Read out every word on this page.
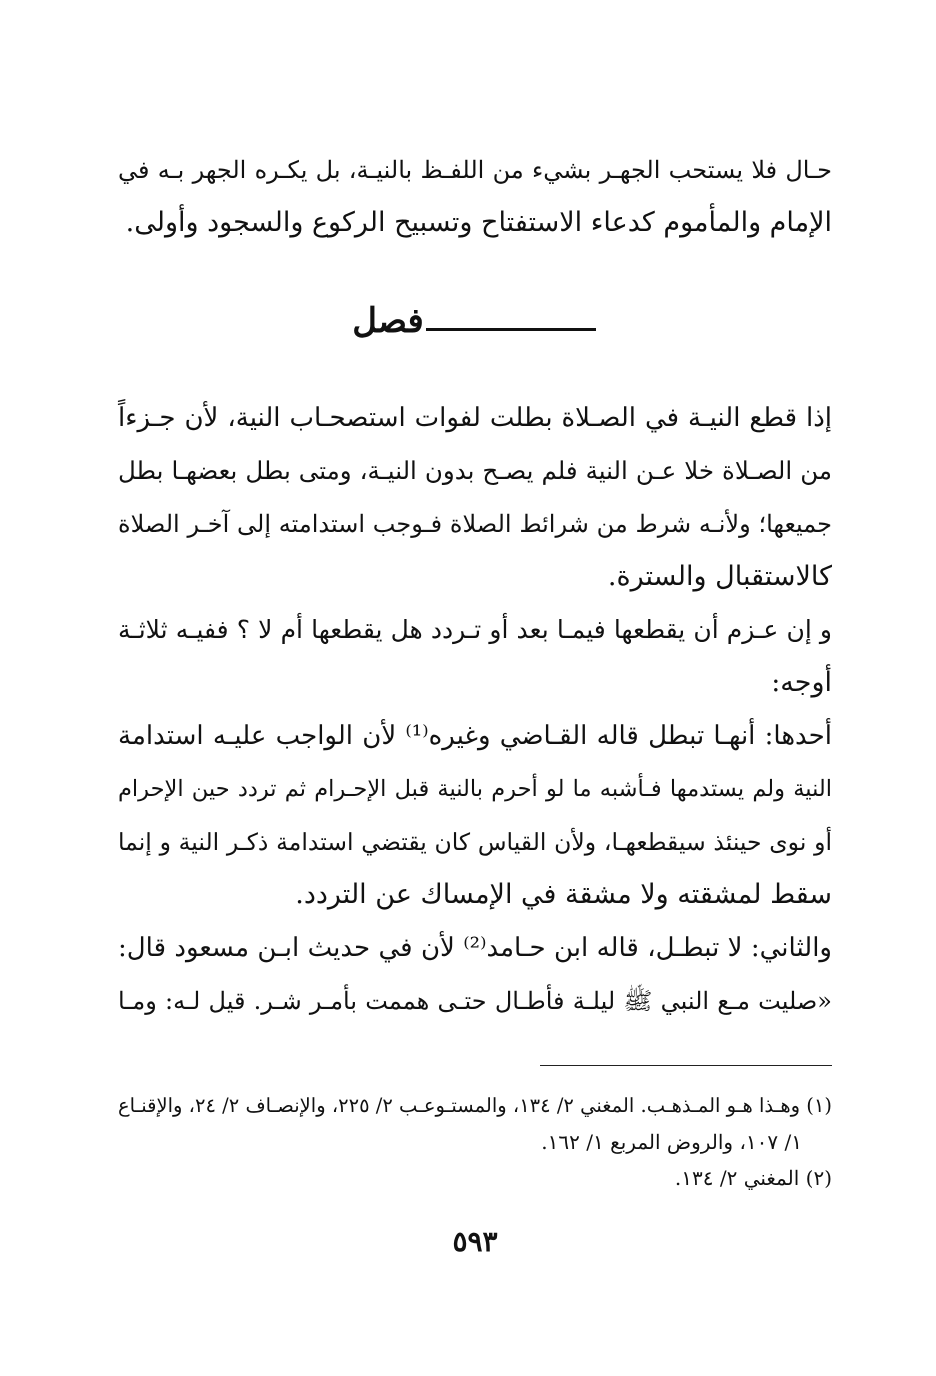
حـال فلا يستحب الجهـر بشيء من اللفـظ بالنيـة، بل يكـره الجهر بـه في
الإمام والمأموم كدعاء الاستفتاح وتسبيح الركوع والسجود وأولى.
فصل
إذا قطع النيـة في الصـلاة بطلت لفوات استصحـاب النية، لأن جـزءاً
من الصـلاة خلا عـن النية فلم يصـح بدون النيـة، ومتى بطل بعضهـا بطل
جميعها؛ ولأنـه شرط من شرائط الصلاة فـوجب استدامته إلى آخـر الصلاة
كالاستقبال والسترة.
و إن عـزم أن يقطعها فيمـا بعد أو تـردد هل يقطعها أم لا ؟ ففيـه ثلاثـة
أوجه:
أحدها: أنهـا تبطل قاله القـاضي وغيره⁽¹⁾ لأن الواجب عليـه استدامة
النية ولم يستدمها فـأشبه ما لو أحرم بالنية قبل الإحـرام ثم تردد حين الإحرام
أو نوى حينئذ سيقطعهـا، ولأن القياس كان يقتضي استدامة ذكـر النية و إنما
سقط لمشقته ولا مشقة في الإمساك عن التردد.
والثاني: لا تبطـل، قاله ابن حـامد⁽²⁾ لأن في حديث ابـن مسعود قال:
«صليت مـع النبي ﷺ ليلـة فأطـال حتـى هممت بأمـر شـر. قيل لـه: ومـا
(١) وهـذا هـو المـذهـب. المغني ٢/ ١٣٤، والمستـوعـب ٢/ ٢٢٥، والإنصـاف ٢/ ٢٤، والإقنـاع
١/ ١٠٧، والروض المربع ١/ ١٦٢.
(٢) المغني ٢/ ١٣٤.
٥٩٣
